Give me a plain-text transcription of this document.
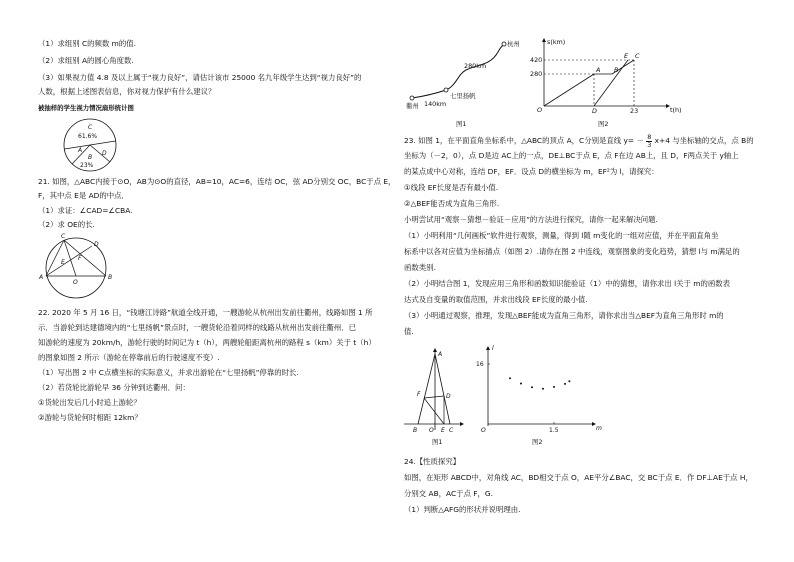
（1）求组别 C的频数 m的值.
（2）求组别 A的圆心角度数.
（3）如果视力值 4.8 及以上属于“视力良好”，请估计该市 25000 名九年级学生达到“视力良好”的
人数，根据上述图表信息，你对视力保护有什么建议？
被抽样的学生视力情况扇形统计图
C
61.6%
A
B
23%
D
21. 如图，△ABC内接于⊙O，AB为⊙O的直径，AB=10，AC=6，连结 OC，弦 AD分别交 OC，BC于点 E，
F，其中点 E是 AD的中点．
（1）求证：∠CAD=∠CBA.
（2）求 OE的长.
C
D
E
F
A	B
O
22. 2020 年 5 月 16 日，“钱塘江诗路”航道全线开通，一艘游轮从杭州出发前往衢州，线路如图 1 所
示．当游轮到达建德境内的“七里扬帆”景点时，一艘货轮沿着同样的线路从杭州出发前往衢州．已
知游轮的速度为 20km/h，游轮行驶的时间记为 t（h），两艘轮船距离杭州的路程 s（km）关于 t（h）
的图象如图 2 所示（游轮在停靠前后的行驶速度不变）.
（1）写出图 2 中 C点横坐标的实际意义，并求出游轮在“七里扬帆”停靠的时长.
（2）若货轮比游轮早 36 分钟到达衢州．问：
①货轮出发后几小时追上游轮？
②游轮与货轮何时相距 12km？
杭州
280km
七里扬帆
140km
衢州
图1
s(km)
t(h)
420
280
O	23
A B
E C
D
图2
23. 如图 1，在平面直角坐标系中，△ABC的顶点 A，C分别是直线 $y= - \frac{8}{3} x+4$ 与坐标轴的交点，点 B的
坐标为（－2，0），点 D是边 AC上的一点，DE⊥BC于点 E，点 F在边 AB上，且 D，F两点关于 y轴上
的某点成中心对称，连结 DF，EF．设点 D的横坐标为 m，EF²为 l，请探究：
①线段 EF长度是否有最小值.
②△BEF能否成为直角三角形.
小明尝试用“观察－猜想－验证－应用”的方法进行探究，请你一起来解决问题.
（1）小明利用“几何画板”软件进行观察，测量，得到 l随 m变化的一组对应值，并在平面直角坐
标系中以各对应值为坐标描点（如图 2）.请你在图 2 中连线，观察图象的变化趋势，猜想 l与 m满足的
函数类别.
（2）小明结合图 1，发现应用三角形和函数知识能验证（1）中的猜想，请你求出 l关于 m的函数表
达式及自变量的取值范围，并求出线段 EF长度的最小值.
（3）小明通过观察，推理，发现△BEF能成为直角三角形，请你求出当△BEF为直角三角形时 m的
值.
A
F	D
B O E C
图1
l
m
16
1.5
O
图2
24.【性质探究】
如图，在矩形 ABCD中，对角线 AC，BD相交于点 O，AE平分∠BAC，交 BC于点 E．作 DF⊥AE于点 H，
分别交 AB，AC于点 F，G.
（1）判断△AFG的形状并说明理由.
